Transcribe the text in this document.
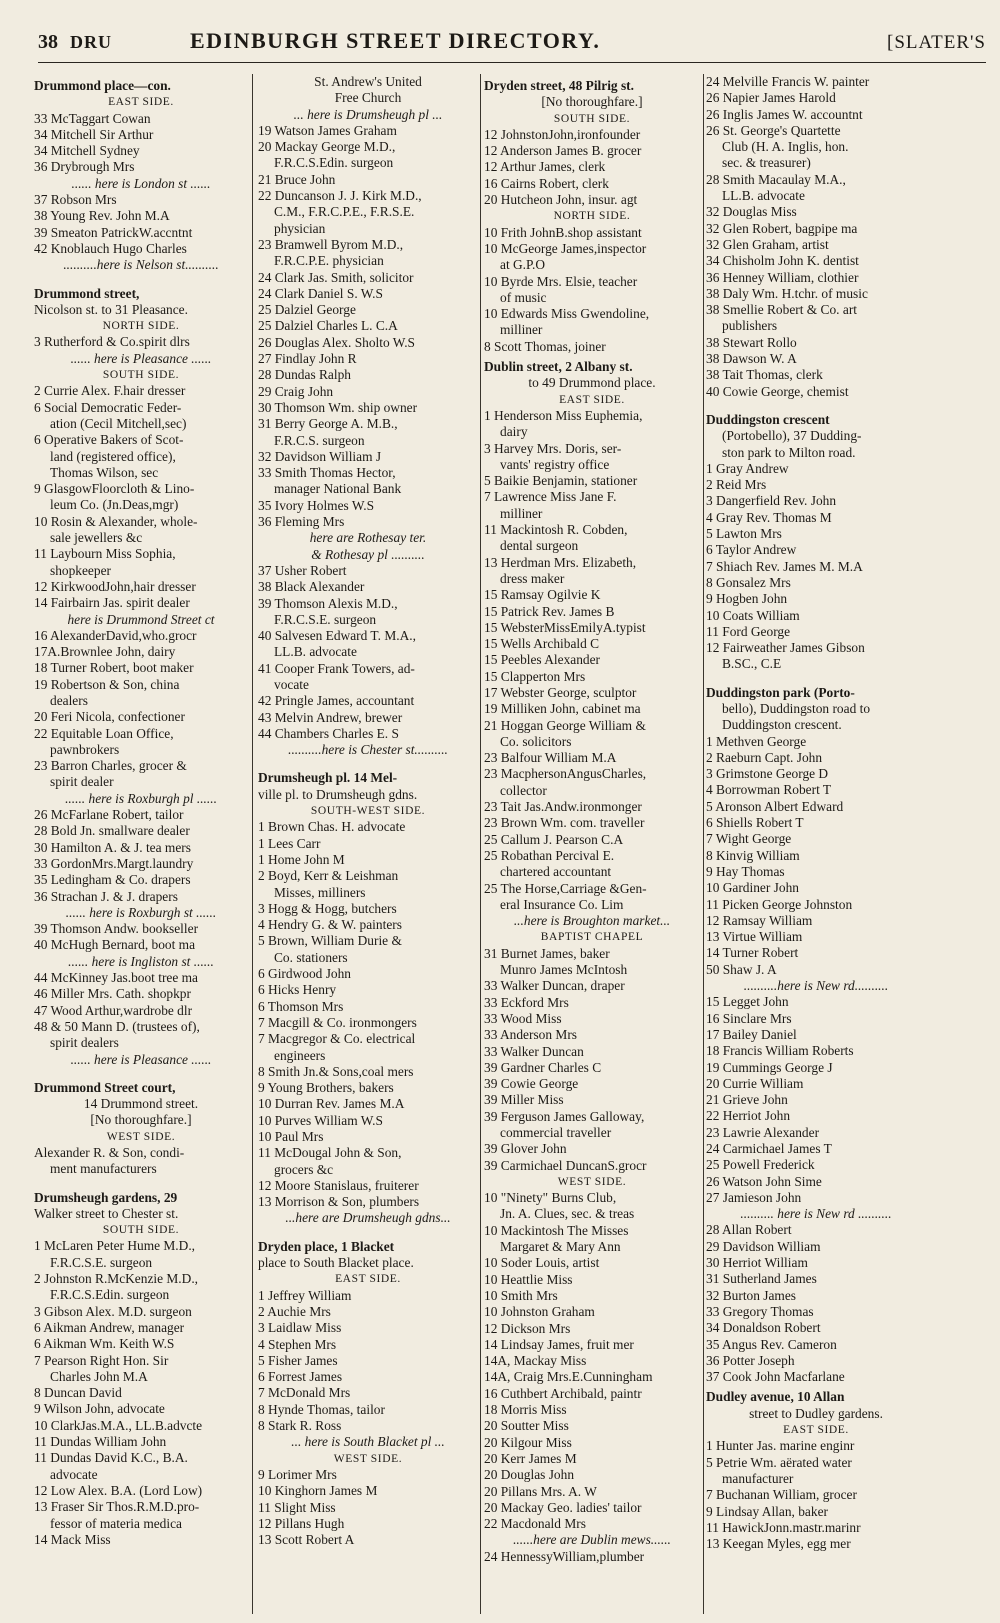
38 DRU	EDINBURGH STREET DIRECTORY.	[SLATER'S
Drummond place—con.
EAST SIDE.
33 McTaggart Cowan
34 Mitchell Sir Arthur
34 Mitchell Sydney
36 Drybrough Mrs
...... here is London st ......
37 Robson Mrs
38 Young Rev. John M.A
39 Smeaton PatrickW.accntnt
42 Knoblauch Hugo Charles
..........here is Nelson st..........
Drummond street,
Nicolson st. to 31 Pleasance.
NORTH SIDE.
3 Rutherford & Co.spirit dlrs
...... here is Pleasance ......
SOUTH SIDE.
2 Currie Alex. F.hair dresser
6 Social Democratic Feder-
ation (Cecil Mitchell,sec)
6 Operative Bakers of Scot-
land (registered office),
Thomas Wilson, sec
9 GlasgowFloorcloth & Lino-
leum Co. (Jn.Deas,mgr)
10 Rosin & Alexander, whole-
sale jewellers &c
11 Laybourn Miss Sophia,
shopkeeper
12 KirkwoodJohn,hair dresser
14 Fairbairn Jas. spirit dealer
here is Drummond Street ct
16 AlexanderDavid,who.grocr
17A.Brownlee John, dairy
18 Turner Robert, boot maker
19 Robertson & Son, china
dealers
20 Feri Nicola, confectioner
22 Equitable Loan Office,
pawnbrokers
23 Barron Charles, grocer &
spirit dealer
...... here is Roxburgh pl ......
26 McFarlane Robert, tailor
28 Bold Jn. smallware dealer
30 Hamilton A. & J. tea mers
33 GordonMrs.Margt.laundry
35 Ledingham & Co. drapers
36 Strachan J. & J. drapers
...... here is Roxburgh st ......
39 Thomson Andw. bookseller
40 McHugh Bernard, boot ma
...... here is Ingliston st ......
44 McKinney Jas.boot tree ma
46 Miller Mrs. Cath. shopkpr
47 Wood Arthur,wardrobe dlr
48 & 50 Mann D. (trustees of),
spirit dealers
...... here is Pleasance ......
Drummond Street court,
14 Drummond street.
[No thoroughfare.]
WEST SIDE.
Alexander R. & Son, condi-
ment manufacturers
Drumsheugh gardens, 29
Walker street to Chester st.
SOUTH SIDE.
1 McLaren Peter Hume M.D.,
F.R.C.S.E. surgeon
2 Johnston R.McKenzie M.D.,
F.R.C.S.Edin. surgeon
3 Gibson Alex. M.D. surgeon
6 Aikman Andrew, manager
6 Aikman Wm. Keith W.S
7 Pearson Right Hon. Sir
Charles John M.A
8 Duncan David
9 Wilson John, advocate
10 ClarkJas.M.A., LL.B.advcte
11 Dundas William John
11 Dundas David K.C., B.A.
advocate
12 Low Alex. B.A. (Lord Low)
13 Fraser Sir Thos.R.M.D.pro-
fessor of materia medica
14 Mack Miss
St. Andrew's United
Free Church
... here is Drumsheugh pl ...
19 Watson James Graham
20 Mackay George M.D.,
F.R.C.S.Edin. surgeon
21 Bruce John
22 Duncanson J. J. Kirk M.D.,
C.M., F.R.C.P.E., F.R.S.E.
physician
23 Bramwell Byrom M.D.,
F.R.C.P.E. physician
24 Clark Jas. Smith, solicitor
24 Clark Daniel S. W.S
25 Dalziel George
25 Dalziel Charles L. C.A
26 Douglas Alex. Sholto W.S
27 Findlay John R
28 Dundas Ralph
29 Craig John
30 Thomson Wm. ship owner
31 Berry George A. M.B.,
F.R.C.S. surgeon
32 Davidson William J
33 Smith Thomas Hector,
manager National Bank
35 Ivory Holmes W.S
36 Fleming Mrs
here are Rothesay ter.
& Rothesay pl ..........
37 Usher Robert
38 Black Alexander
39 Thomson Alexis M.D.,
F.R.C.S.E. surgeon
40 Salvesen Edward T. M.A.,
LL.B. advocate
41 Cooper Frank Towers, ad-
vocate
42 Pringle James, accountant
43 Melvin Andrew, brewer
44 Chambers Charles E. S
..........here is Chester st..........
Drumsheugh pl. 14 Mel-
ville pl. to Drumsheugh gdns.
SOUTH-WEST SIDE.
1 Brown Chas. H. advocate
1 Lees Carr
1 Home John M
2 Boyd, Kerr & Leishman
Misses, milliners
3 Hogg & Hogg, butchers
4 Hendry G. & W. painters
5 Brown, William Durie &
Co. stationers
6 Girdwood John
6 Hicks Henry
6 Thomson Mrs
7 Macgill & Co. ironmongers
7 Macgregor & Co. electrical
engineers
8 Smith Jn.& Sons,coal mers
9 Young Brothers, bakers
10 Durran Rev. James M.A
10 Purves William W.S
10 Paul Mrs
11 McDougal John & Son,
grocers &c
12 Moore Stanislaus, fruiterer
13 Morrison & Son, plumbers
...here are Drumsheugh gdns...
Dryden place, 1 Blacket
place to South Blacket place.
EAST SIDE.
1 Jeffrey William
2 Auchie Mrs
3 Laidlaw Miss
4 Stephen Mrs
5 Fisher James
6 Forrest James
7 McDonald Mrs
8 Hynde Thomas, tailor
8 Stark R. Ross
... here is South Blacket pl ...
WEST SIDE.
9 Lorimer Mrs
10 Kinghorn James M
11 Slight Miss
12 Pillans Hugh
13 Scott Robert A
Dryden street, 48 Pilrig st.
[No thoroughfare.]
SOUTH SIDE.
12 JohnstonJohn,ironfounder
12 Anderson James B. grocer
12 Arthur James, clerk
16 Cairns Robert, clerk
20 Hutcheon John, insur. agt
NORTH SIDE.
10 Frith JohnB.shop assistant
10 McGeorge James,inspector
at G.P.O
10 Byrde Mrs. Elsie, teacher
of music
10 Edwards Miss Gwendoline,
milliner
8 Scott Thomas, joiner
Dublin street, 2 Albany st.
to 49 Drummond place.
EAST SIDE.
1 Henderson Miss Euphemia,
dairy
3 Harvey Mrs. Doris, ser-
vants' registry office
5 Baikie Benjamin, stationer
7 Lawrence Miss Jane F.
milliner
11 Mackintosh R. Cobden,
dental surgeon
13 Herdman Mrs. Elizabeth,
dress maker
15 Ramsay Ogilvie K
15 Patrick Rev. James B
15 WebsterMissEmilyA.typist
15 Wells Archibald C
15 Peebles Alexander
15 Clapperton Mrs
17 Webster George, sculptor
19 Milliken John, cabinet ma
21 Hoggan George William &
Co. solicitors
23 Balfour William M.A
23 MacphersonAngusCharles,
collector
23 Tait Jas.Andw.ironmonger
23 Brown Wm. com. traveller
25 Callum J. Pearson C.A
25 Robathan Percival E.
chartered accountant
25 The Horse,Carriage &Gen-
eral Insurance Co. Lim
...here is Broughton market...
BAPTIST CHAPEL
31 Burnet James, baker
Munro James McIntosh
33 Walker Duncan, draper
33 Eckford Mrs
33 Wood Miss
33 Anderson Mrs
33 Walker Duncan
39 Gardner Charles C
39 Cowie George
39 Miller Miss
39 Ferguson James Galloway,
commercial traveller
39 Glover John
39 Carmichael DuncanS.grocr
WEST SIDE.
10 "Ninety" Burns Club,
Jn. A. Clues, sec. & treas
10 Mackintosh The Misses
Margaret & Mary Ann
10 Soder Louis, artist
10 Heattlie Miss
10 Smith Mrs
10 Johnston Graham
12 Dickson Mrs
14 Lindsay James, fruit mer
14A, Mackay Miss
14A, Craig Mrs.E.Cunningham
16 Cuthbert Archibald, paintr
18 Morris Miss
20 Soutter Miss
20 Kilgour Miss
20 Kerr James M
20 Douglas John
20 Pillans Mrs. A. W
20 Mackay Geo. ladies' tailor
22 Macdonald Mrs
......here are Dublin mews......
24 HennessyWilliam,plumber
24 Melville Francis W. painter
26 Napier James Harold
26 Inglis James W. accountnt
26 St. George's Quartette
Club (H. A. Inglis, hon.
sec. & treasurer)
28 Smith Macaulay M.A.,
LL.B. advocate
32 Douglas Miss
32 Glen Robert, bagpipe ma
32 Glen Graham, artist
34 Chisholm John K. dentist
36 Henney William, clothier
38 Daly Wm. H.tchr. of music
38 Smellie Robert & Co. art
publishers
38 Stewart Rollo
38 Dawson W. A
38 Tait Thomas, clerk
40 Cowie George, chemist
Duddingston crescent
(Portobello), 37 Dudding-
ston park to Milton road.
1 Gray Andrew
2 Reid Mrs
3 Dangerfield Rev. John
4 Gray Rev. Thomas M
5 Lawton Mrs
6 Taylor Andrew
7 Shiach Rev. James M. M.A
8 Gonsalez Mrs
9 Hogben John
10 Coats William
11 Ford George
12 Fairweather James Gibson
B.SC., C.E
Duddingston park (Porto-
bello), Duddingston road to
Duddingston crescent.
1 Methven George
2 Raeburn Capt. John
3 Grimstone George D
4 Borrowman Robert T
5 Aronson Albert Edward
6 Shiells Robert T
7 Wight George
8 Kinvig William
9 Hay Thomas
10 Gardiner John
11 Picken George Johnston
12 Ramsay William
13 Virtue William
14 Turner Robert
50 Shaw J. A
..........here is New rd..........
15 Legget John
16 Sinclare Mrs
17 Bailey Daniel
18 Francis William Roberts
19 Cummings George J
20 Currie William
21 Grieve John
22 Herriot John
23 Lawrie Alexander
24 Carmichael James T
25 Powell Frederick
26 Watson John Sime
27 Jamieson John
.......... here is New rd ..........
28 Allan Robert
29 Davidson William
30 Herriot William
31 Sutherland James
32 Burton James
33 Gregory Thomas
34 Donaldson Robert
35 Angus Rev. Cameron
36 Potter Joseph
37 Cook John Macfarlane
Dudley avenue, 10 Allan
street to Dudley gardens.
EAST SIDE.
1 Hunter Jas. marine enginr
5 Petrie Wm. aërated water
manufacturer
7 Buchanan William, grocer
9 Lindsay Allan, baker
11 HawickJonn.mastr.marinr
13 Keegan Myles, egg mer
